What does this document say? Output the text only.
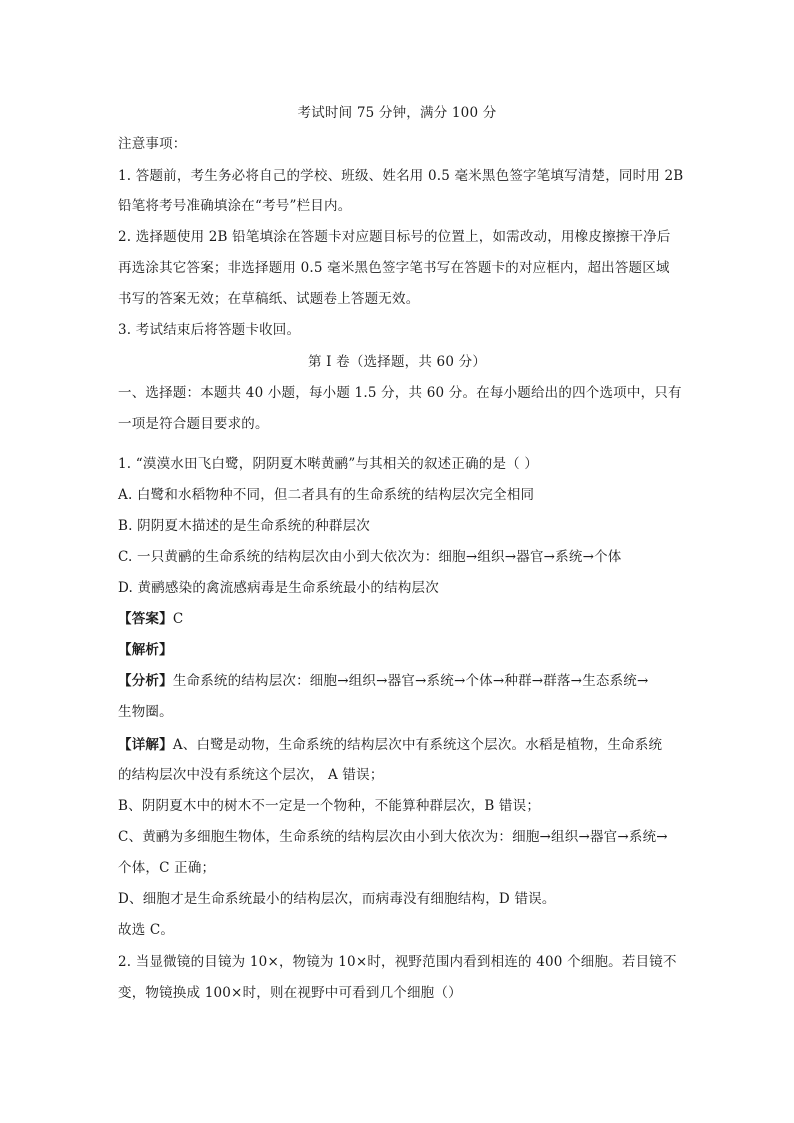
考试时间 75 分钟，满分 100 分
注意事项：
1. 答题前，考生务必将自己的学校、班级、姓名用 0.5 毫米黑色签字笔填写清楚，同时用 2B
铅笔将考号准确填涂在“考号”栏目内。
2. 选择题使用 2B 铅笔填涂在答题卡对应题目标号的位置上，如需改动，用橡皮擦擦干净后
再选涂其它答案；非选择题用 0.5 毫米黑色签字笔书写在答题卡的对应框内，超出答题区域
书写的答案无效；在草稿纸、试题卷上答题无效。
3. 考试结束后将答题卡收回。
第 I 卷（选择题，共 60 分）
一、选择题：本题共 40 小题，每小题 1.5 分，共 60 分。在每小题给出的四个选项中，只有
一项是符合题目要求的。
1. “漠漠水田飞白鹭，阴阴夏木啭黄鹂”与其相关的叙述正确的是（ ）
A. 白鹭和水稻物种不同，但二者具有的生命系统的结构层次完全相同
B. 阴阴夏木描述的是生命系统的种群层次
C. 一只黄鹂的生命系统的结构层次由小到大依次为：细胞→组织→器官→系统→个体
D. 黄鹂感染的禽流感病毒是生命系统最小的结构层次
【答案】C
【解析】
【分析】生命系统的结构层次：细胞→组织→器官→系统→个体→种群→群落→生态系统→
生物圈。
【详解】A、白鹭是动物，生命系统的结构层次中有系统这个层次。水稻是植物，生命系统
的结构层次中没有系统这个层次， A 错误；
B、阴阴夏木中的树木不一定是一个物种，不能算种群层次，B 错误；
C、黄鹂为多细胞生物体，生命系统的结构层次由小到大依次为：细胞→组织→器官→系统→
个体，C 正确；
D、细胞才是生命系统最小的结构层次，而病毒没有细胞结构，D 错误。
故选 C。
2. 当显微镜的目镜为 10×，物镜为 10×时，视野范围内看到相连的 400 个细胞。若目镜不
变，物镜换成 100×时，则在视野中可看到几个细胞（）
